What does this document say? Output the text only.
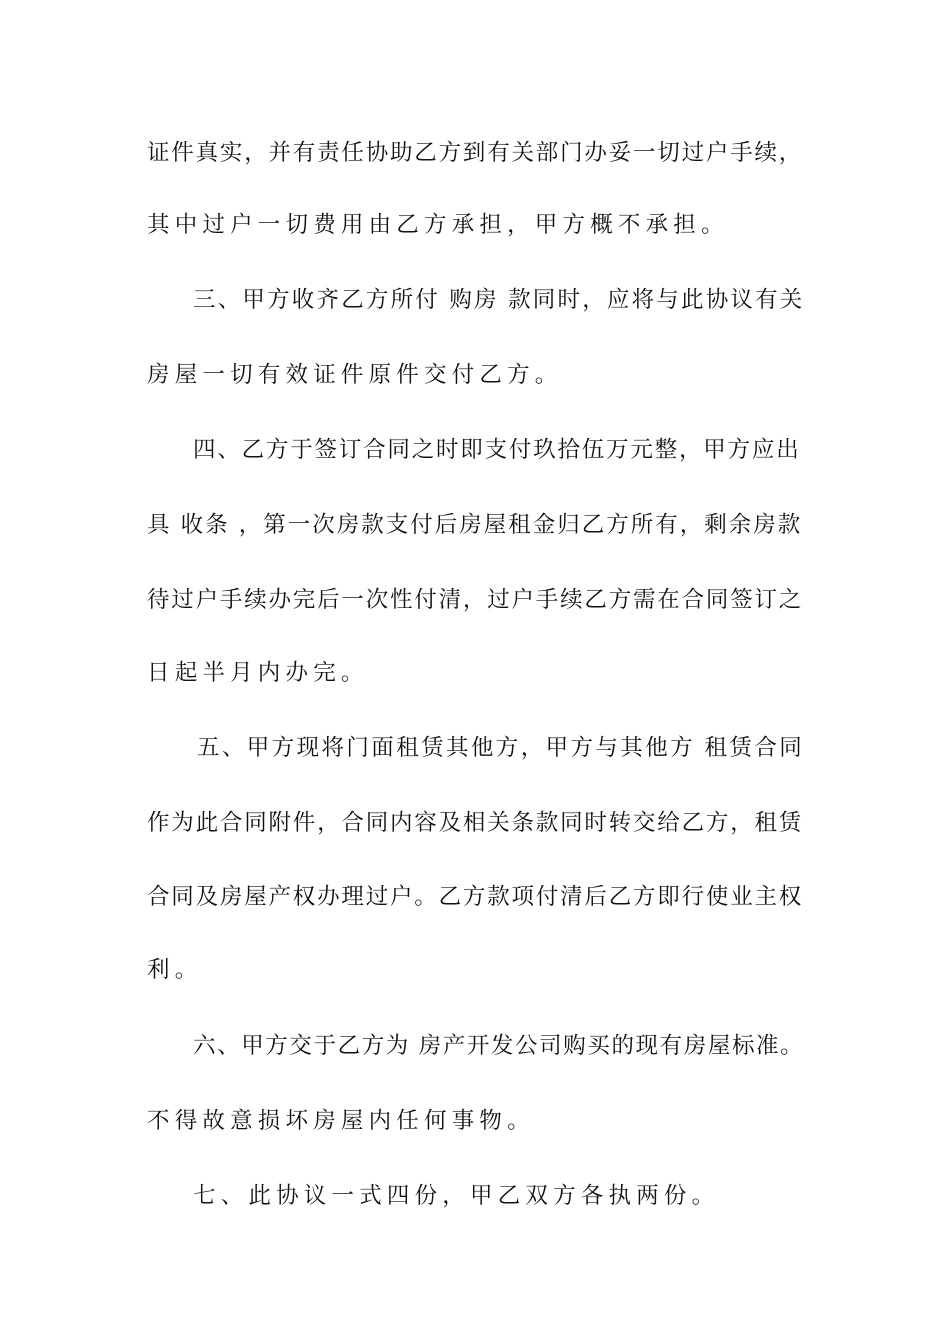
证件真实，并有责任协助乙方到有关部门办妥一切过户手续，
其中过户一切费用由乙方承担，甲方概不承担。
三、甲方收齐乙方所付 购房 款同时，应将与此协议有关
房屋一切有效证件原件交付乙方。
四、乙方于签订合同之时即支付玖拾伍万元整，甲方应出
具 收条 ，第一次房款支付后房屋租金归乙方所有，剩余房款
待过户手续办完后一次性付清，过户手续乙方需在合同签订之
日起半月内办完。
五、甲方现将门面租赁其他方，甲方与其他方 租赁合同
作为此合同附件，合同内容及相关条款同时转交给乙方，租赁
合同及房屋产权办理过户。乙方款项付清后乙方即行使业主权
利。
六、甲方交于乙方为 房产开发公司购买的现有房屋标准。
不得故意损坏房屋内任何事物。
七、此协议一式四份，甲乙双方各执两份。
